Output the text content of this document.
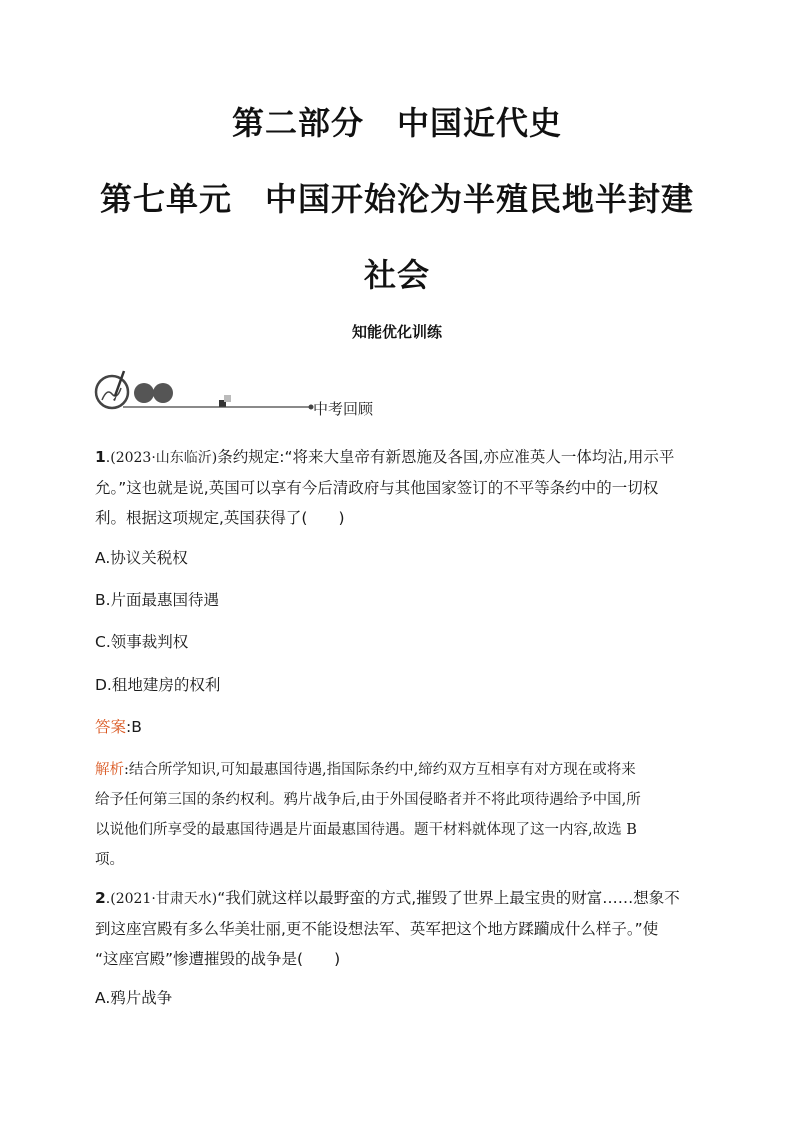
第二部分　中国近代史
第七单元　中国开始沦为半殖民地半封建
社会
知能优化训练
中考回顾
1.(2023·山东临沂)条约规定:“将来大皇帝有新恩施及各国,亦应准英人一体均沾,用示平
允。”这也就是说,英国可以享有今后清政府与其他国家签订的不平等条约中的一切权
利。根据这项规定,英国获得了(　　)
A.协议关税权
B.片面最惠国待遇
C.领事裁判权
D.租地建房的权利
答案:B
解析:结合所学知识,可知最惠国待遇,指国际条约中,缔约双方互相享有对方现在或将来
给予任何第三国的条约权利。鸦片战争后,由于外国侵略者并不将此项待遇给予中国,所
以说他们所享受的最惠国待遇是片面最惠国待遇。题干材料就体现了这一内容,故选 B
项。
2.(2021·甘肃天水)“我们就这样以最野蛮的方式,摧毁了世界上最宝贵的财富……想象不
到这座宫殿有多么华美壮丽,更不能设想法军、英军把这个地方蹂躏成什么样子。”使
“这座宫殿”惨遭摧毁的战争是(　　)
A.鸦片战争
